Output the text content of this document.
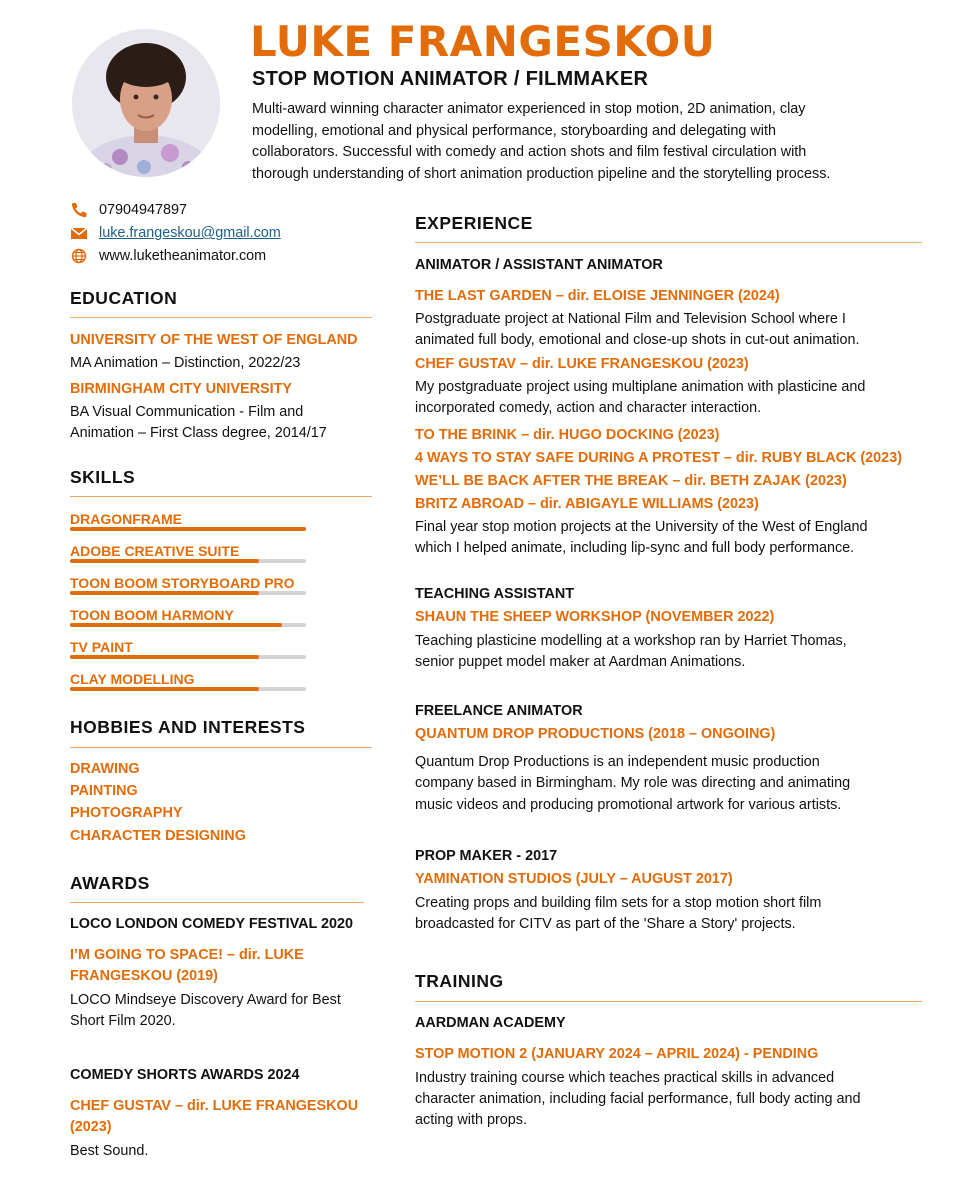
LUKE FRANGESKOU
STOP MOTION ANIMATOR / FILMMAKER
Multi-award winning character animator experienced in stop motion, 2D animation, clay
modelling, emotional and physical performance, storyboarding and delegating with
collaborators. Successful with comedy and action shots and film festival circulation with
thorough understanding of short animation production pipeline and the storytelling process.
07904947897
luke.frangeskou@gmail.com
www.luketheanimator.com
EDUCATION
UNIVERSITY OF THE WEST OF ENGLAND
MA Animation – Distinction, 2022/23
BIRMINGHAM CITY UNIVERSITY
BA Visual Communication - Film and
Animation – First Class degree, 2014/17
SKILLS
DRAGONFRAME
ADOBE CREATIVE SUITE
TOON BOOM STORYBOARD PRO
TOON BOOM HARMONY
TV PAINT
CLAY MODELLING
HOBBIES AND INTERESTS
DRAWING
PAINTING
PHOTOGRAPHY
CHARACTER DESIGNING
AWARDS
LOCO LONDON COMEDY FESTIVAL 2020
I’M GOING TO SPACE! – dir. LUKE
FRANGESKOU (2019)
LOCO Mindseye Discovery Award for Best
Short Film 2020.
COMEDY SHORTS AWARDS 2024
CHEF GUSTAV – dir. LUKE FRANGESKOU
(2023)
Best Sound.
EXPERIENCE
ANIMATOR / ASSISTANT ANIMATOR
THE LAST GARDEN – dir. ELOISE JENNINGER (2024)
Postgraduate project at National Film and Television School where I
animated full body, emotional and close-up shots in cut-out animation.
CHEF GUSTAV – dir. LUKE FRANGESKOU (2023)
My postgraduate project using multiplane animation with plasticine and
incorporated comedy, action and character interaction.
TO THE BRINK – dir. HUGO DOCKING (2023)
4 WAYS TO STAY SAFE DURING A PROTEST – dir. RUBY BLACK (2023)
WE’LL BE BACK AFTER THE BREAK – dir. BETH ZAJAK (2023)
BRITZ ABROAD – dir. ABIGAYLE WILLIAMS (2023)
Final year stop motion projects at the University of the West of England
which I helped animate, including lip-sync and full body performance.
TEACHING ASSISTANT
SHAUN THE SHEEP WORKSHOP (NOVEMBER 2022)
Teaching plasticine modelling at a workshop ran by Harriet Thomas,
senior puppet model maker at Aardman Animations.
FREELANCE ANIMATOR
QUANTUM DROP PRODUCTIONS (2018 – ONGOING)
Quantum Drop Productions is an independent music production
company based in Birmingham. My role was directing and animating
music videos and producing promotional artwork for various artists.
PROP MAKER - 2017
YAMINATION STUDIOS (JULY – AUGUST 2017)
Creating props and building film sets for a stop motion short film
broadcasted for CITV as part of the 'Share a Story' projects.
TRAINING
AARDMAN ACADEMY
STOP MOTION 2 (JANUARY 2024 – APRIL 2024) - PENDING
Industry training course which teaches practical skills in advanced
character animation, including facial performance, full body acting and
acting with props.
